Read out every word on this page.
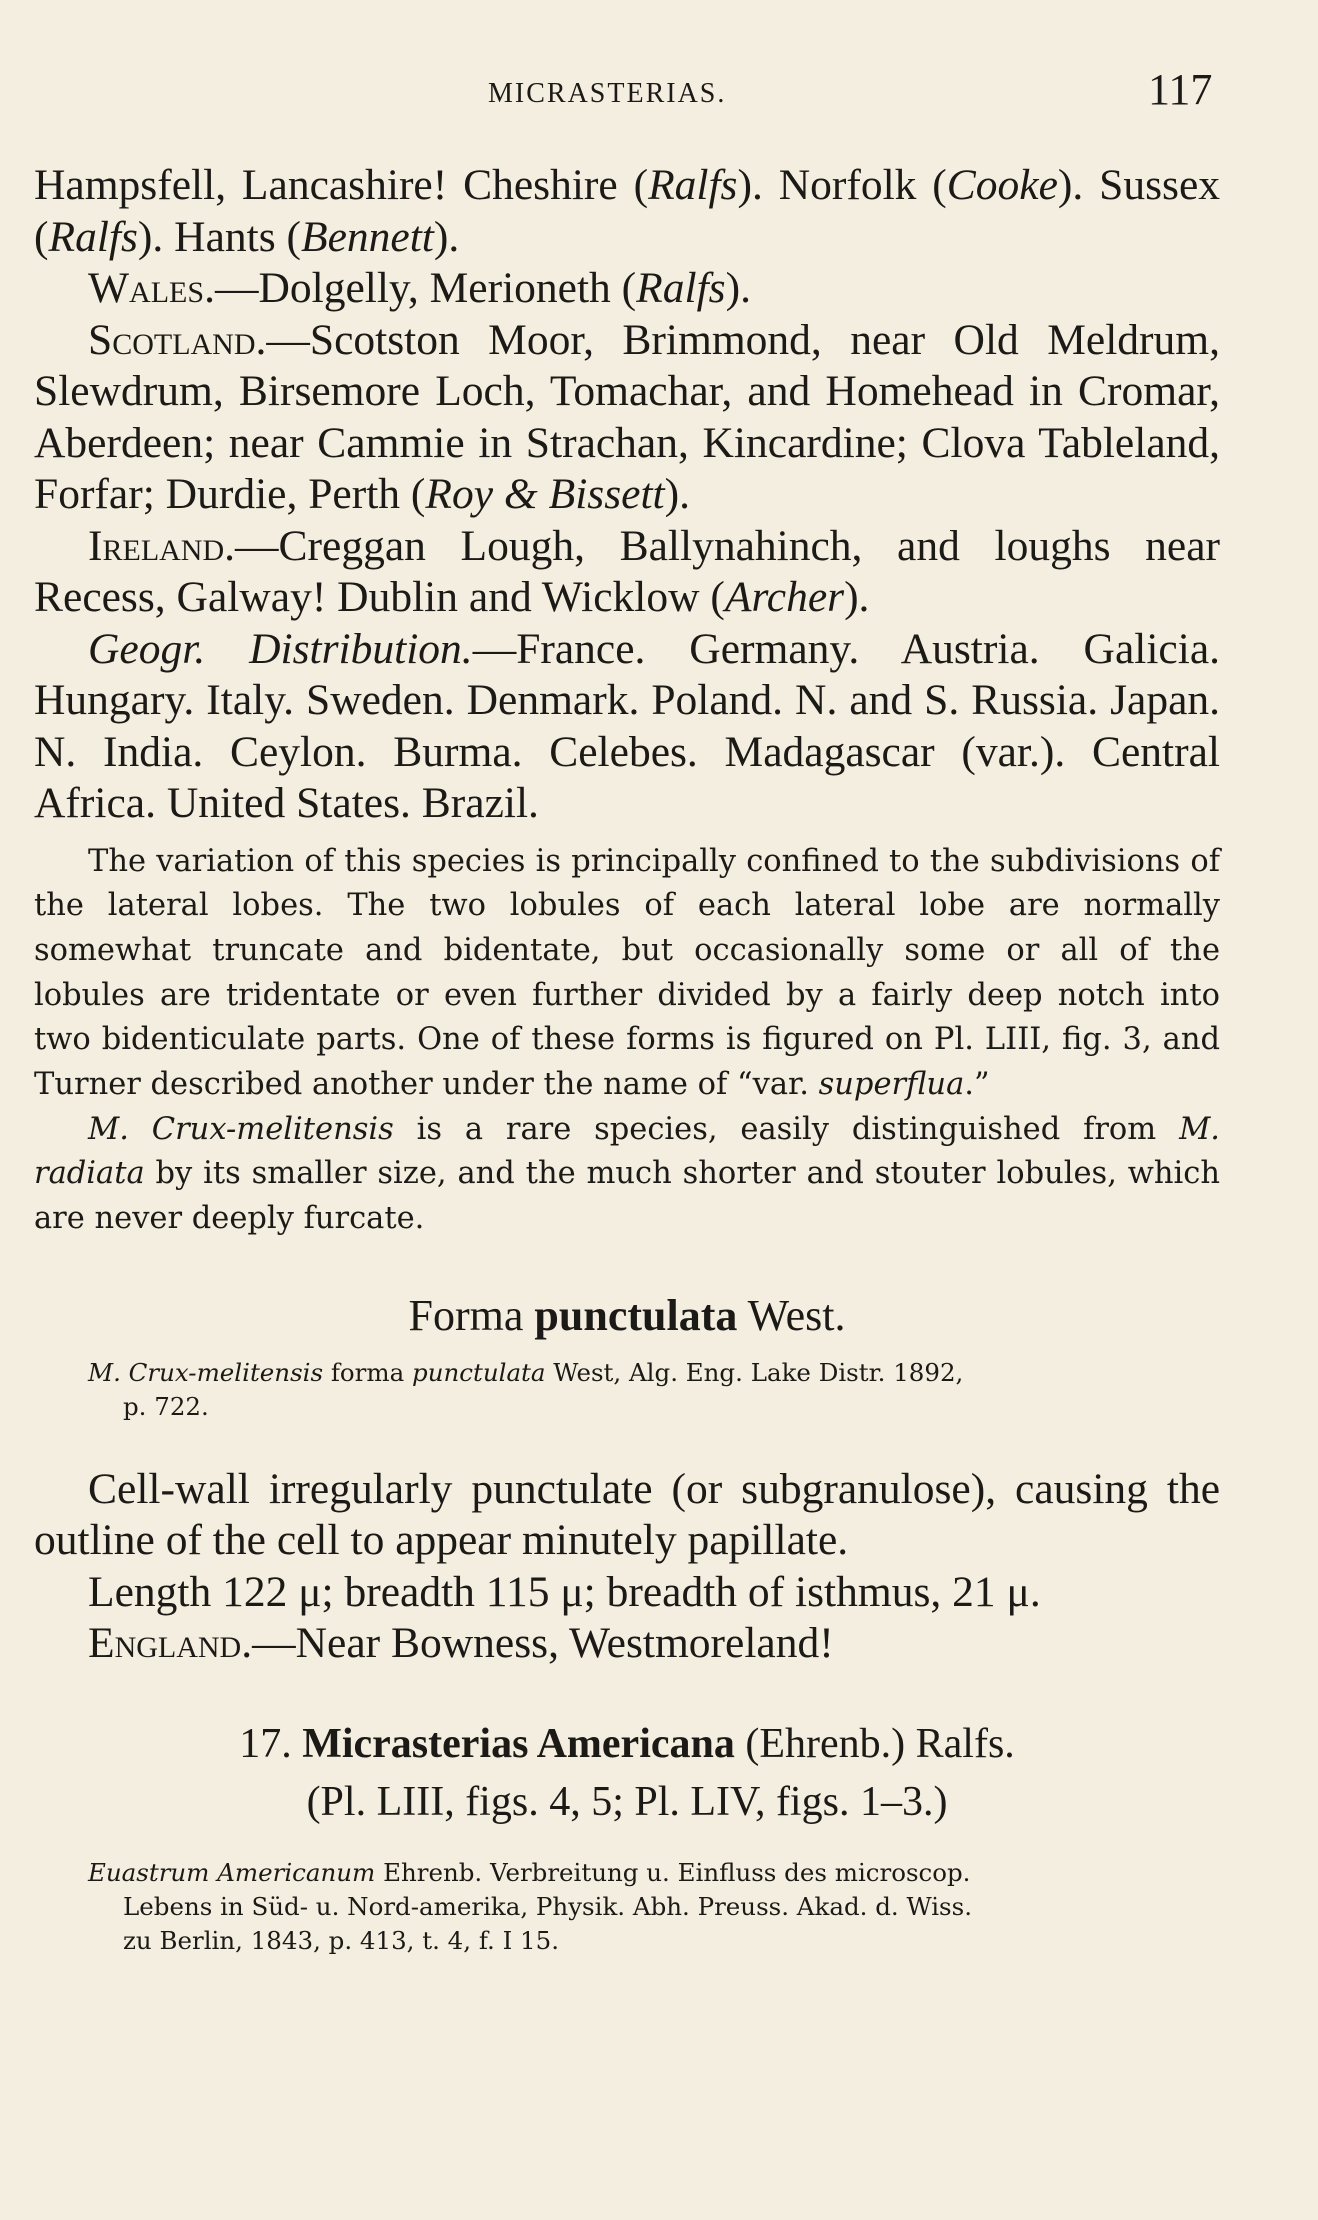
MICRASTERIAS.	117

Hampsfell, Lancashire! Cheshire (Ralfs). Norfolk (Cooke). Sussex (Ralfs). Hants (Bennett).

Wales.—Dolgelly, Merioneth (Ralfs).

Scotland.—Scotston Moor, Brimmond, near Old Meldrum, Slewdrum, Birsemore Loch, Tomachar, and Homehead in Cromar, Aberdeen; near Cammie in Strachan, Kincardine; Clova Tableland, Forfar; Durdie, Perth (Roy & Bissett).

Ireland.—Creggan Lough, Ballynahinch, and loughs near Recess, Galway! Dublin and Wicklow (Archer).

Geogr. Distribution.—France. Germany. Austria. Galicia. Hungary. Italy. Sweden. Denmark. Poland. N. and S. Russia. Japan. N. India. Ceylon. Burma. Celebes. Madagascar (var.). Central Africa. United States. Brazil.

The variation of this species is principally confined to the subdivisions of the lateral lobes. The two lobules of each lateral lobe are normally somewhat truncate and bidentate, but occasionally some or all of the lobules are tridentate or even further divided by a fairly deep notch into two bidenticulate parts. One of these forms is figured on Pl. LIII, fig. 3, and Turner described another under the name of “var. superflua.”

M. Crux-melitensis is a rare species, easily distinguished from M. radiata by its smaller size, and the much shorter and stouter lobules, which are never deeply furcate.

Forma punctulata West.

M. Crux-melitensis forma punctulata West, Alg. Eng. Lake Distr. 1892,
p. 722.

Cell-wall irregularly punctulate (or subgranulose), causing the outline of the cell to appear minutely papillate.

Length 122 μ; breadth 115 μ; breadth of isthmus, 21 μ.

England.—Near Bowness, Westmoreland!

17. Micrasterias Americana (Ehrenb.) Ralfs.

(Pl. LIII, figs. 4, 5; Pl. LIV, figs. 1–3.)

Euastrum Americanum Ehrenb. Verbreitung u. Einfluss des microscop.
Lebens in Süd- u. Nord-amerika, Physik. Abh. Preuss. Akad. d. Wiss.
zu Berlin, 1843, p. 413, t. 4, f. I 15.
